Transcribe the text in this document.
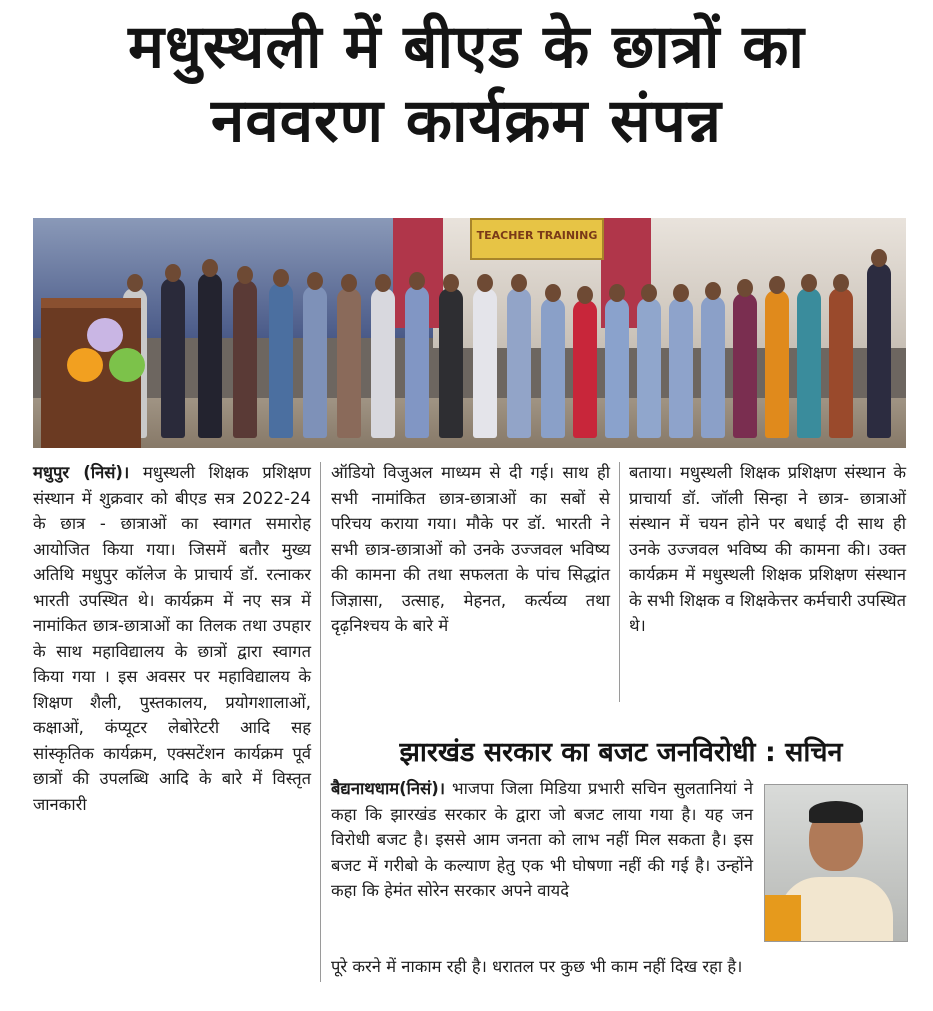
मधुस्थली में बीएड के छात्रों का
नववरण कार्यक्रम संपन्न
TEACHER TRAINING

मधुपुर (निसं)। मधुस्थली शिक्षक प्रशिक्षण संस्थान में शुक्रवार को बीएड सत्र 2022-24 के छात्र - छात्राओं का स्वागत समारोह आयोजित किया गया। जिसमें बतौर मुख्य अतिथि मधुपुर कॉलेज के प्राचार्य डॉ. रत्नाकर भारती उपस्थित थे। कार्यक्रम में नए सत्र में नामांकित छात्र-छात्राओं का तिलक तथा उपहार के साथ महाविद्यालय के छात्रों द्वारा स्वागत किया गया । इस अवसर पर महाविद्यालय के शिक्षण शैली, पुस्तकालय, प्रयोगशालाओं, कक्षाओं, कंप्यूटर लेबोरेटरी आदि सह सांस्कृतिक कार्यक्रम, एक्सटेंशन कार्यक्रम पूर्व छात्रों की उपलब्धि आदि के बारे में विस्तृत जानकारी

ऑडियो विजुअल माध्यम से दी गई। साथ ही सभी नामांकित छात्र-छात्राओं का सबों से परिचय कराया गया। मौके पर डॉ. भारती ने सभी छात्र-छात्राओं को उनके उज्जवल भविष्य की कामना की तथा सफलता के पांच सिद्धांत जिज्ञासा, उत्साह, मेहनत, कर्त्यव्य तथा दृढ़निश्चय के बारे में

बताया। मधुस्थली शिक्षक प्रशिक्षण संस्थान के प्राचार्या डॉ. जॉली सिन्हा ने छात्र- छात्राओं संस्थान में चयन होने पर बधाई दी साथ ही उनके उज्जवल भविष्य की कामना की। उक्त कार्यक्रम में मधुस्थली शिक्षक प्रशिक्षण संस्थान के सभी शिक्षक व शिक्षकेत्तर कर्मचारी उपस्थित थे।

झारखंड सरकार का बजट जनविरोधी : सचिन

बैद्यनाथधाम(निसं)। भाजपा जिला मिडिया प्रभारी सचिन सुलतानियां ने कहा कि झारखंड सरकार के द्वारा जो बजट लाया गया है। यह जन विरोधी बजट है। इससे आम जनता को लाभ नहीं मिल सकता है। इस बजट में गरीबो के कल्याण हेतु एक भी घोषणा नहीं की गई है। उन्होंने कहा कि हेमंत सोरेन सरकार अपने वायदे

पूरे करने में नाकाम रही है। धरातल पर कुछ भी काम नहीं दिख रहा है।
